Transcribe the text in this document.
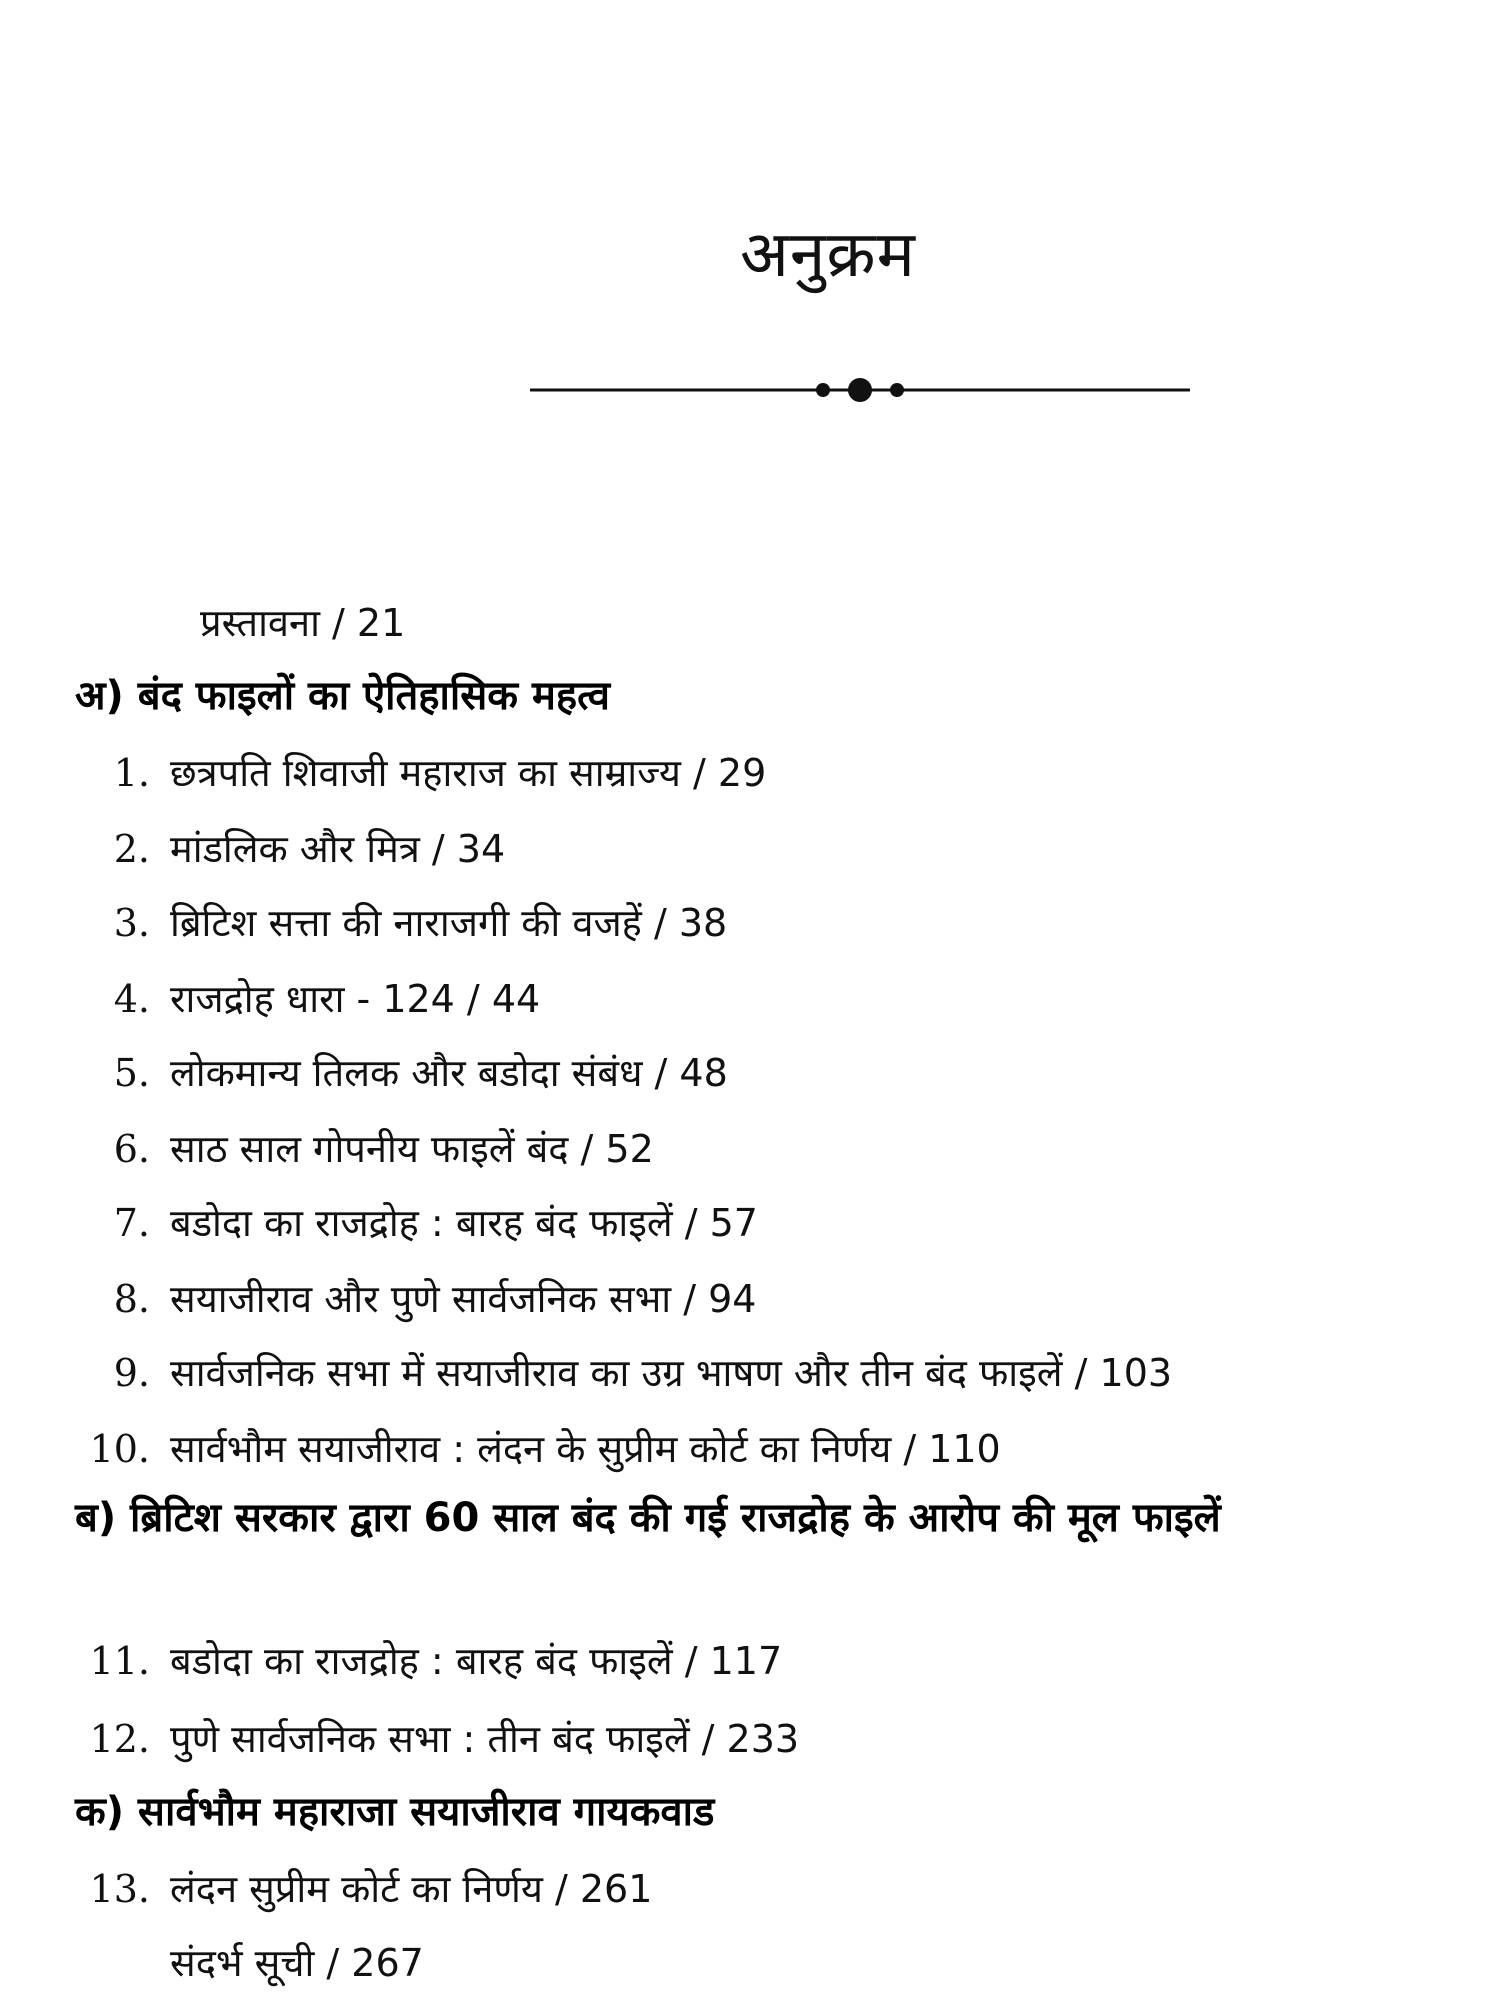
अनुक्रम
प्रस्तावना / 21
अ) बंद फाइलों का ऐतिहासिक महत्व
1. छत्रपति शिवाजी महाराज का साम्राज्य / 29
2. मांडलिक और मित्र / 34
3. ब्रिटिश सत्ता की नाराजगी की वजहें / 38
4. राजद्रोह धारा - 124 / 44
5. लोकमान्य तिलक और बडोदा संबंध / 48
6. साठ साल गोपनीय फाइलें बंद / 52
7. बडोदा का राजद्रोह : बारह बंद फाइलें / 57
8. सयाजीराव और पुणे सार्वजनिक सभा / 94
9. सार्वजनिक सभा में सयाजीराव का उग्र भाषण और तीन बंद फाइलें / 103
10. सार्वभौम सयाजीराव : लंदन के सुप्रीम कोर्ट का निर्णय / 110
ब) ब्रिटिश सरकार द्वारा 60 साल बंद की गई राजद्रोह के आरोप की मूल फाइलें
11. बडोदा का राजद्रोह : बारह बंद फाइलें / 117
12. पुणे सार्वजनिक सभा : तीन बंद फाइलें / 233
क) सार्वभौम महाराजा सयाजीराव गायकवाड
13. लंदन सुप्रीम कोर्ट का निर्णय / 261
संदर्भ सूची / 267
